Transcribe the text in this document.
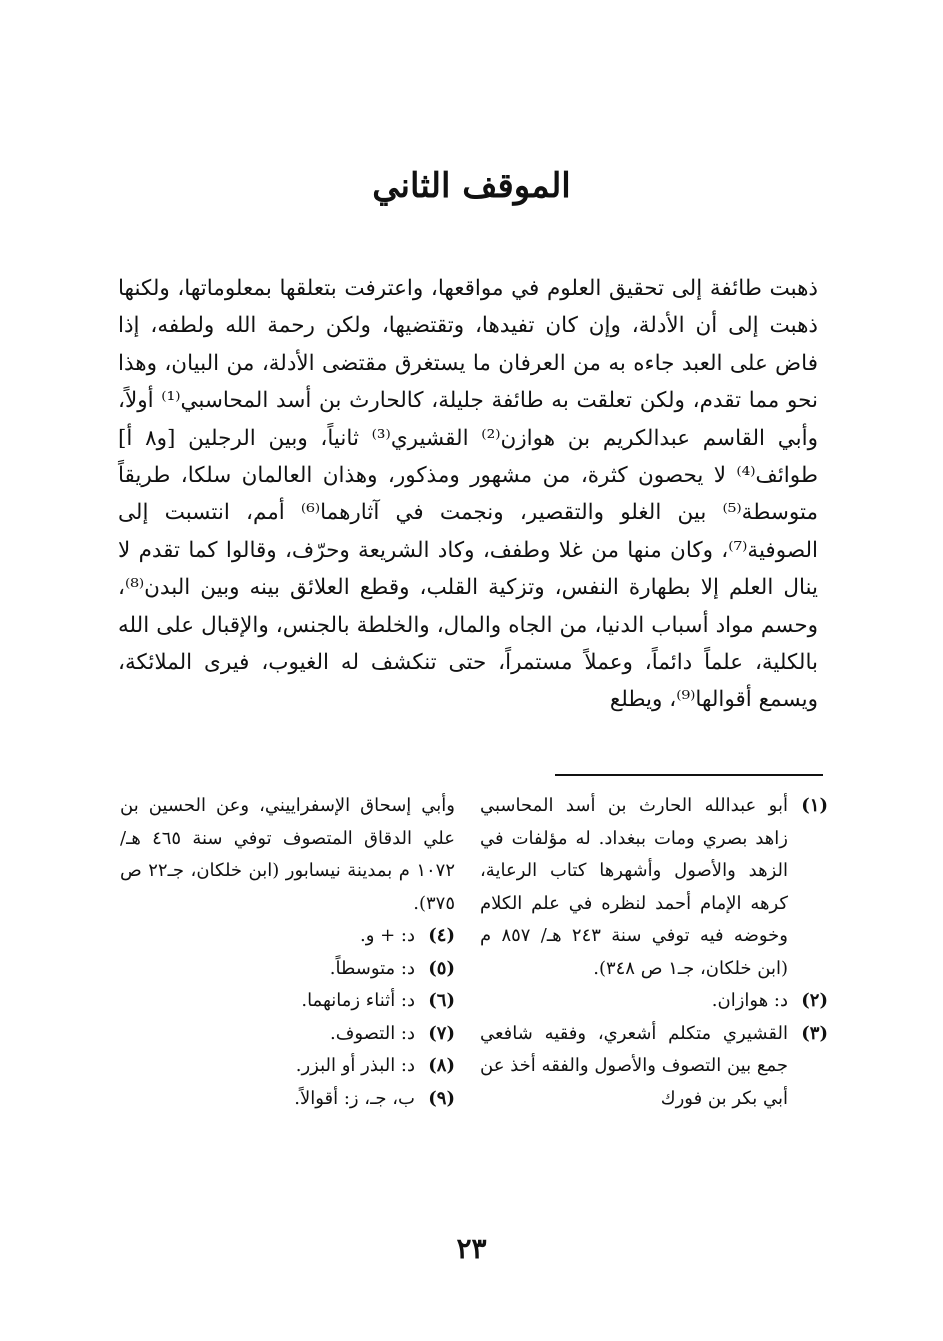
الموقف الثاني

ذهبت طائفة إلى تحقيق العلوم في مواقعها، واعترفت بتعلقها بمعلوماتها، ولكنها ذهبت إلى أن الأدلة، وإن كان تفيدها، وتقتضيها، ولكن رحمة الله ولطفه، إذا فاض على العبد جاءه به من العرفان ما يستغرق مقتضى الأدلة، من البيان، وهذا نحو مما تقدم، ولكن تعلقت به طائفة جليلة، كالحارث بن أسد المحاسبي⁽¹⁾ أولاً، وأبي القاسم عبدالكريم بن هوازن⁽²⁾ القشيري⁽³⁾ ثانياً، وبين الرجلين [و٨ أ] طوائف⁽⁴⁾ لا يحصون كثرة، من مشهور ومذكور، وهذان العالمان سلكا، طريقاً متوسطة⁽⁵⁾ بين الغلو والتقصير، ونجمت في آثارهما⁽⁶⁾ أمم، انتسبت إلى الصوفية⁽⁷⁾، وكان منها من غلا وطفف، وكاد الشريعة وحرّف، وقالوا كما تقدم لا ينال العلم إلا بطهارة النفس، وتزكية القلب، وقطع العلائق بينه وبين البدن⁽⁸⁾، وحسم مواد أسباب الدنيا، من الجاه والمال، والخلطة بالجنس، والإقبال على الله بالكلية، علماً دائماً، وعملاً مستمراً، حتى تنكشف له الغيوب، فيرى الملائكة، ويسمع أقوالها⁽⁹⁾، ويطلع

(١)
أبو عبدالله الحارث بن أسد المحاسبي زاهد بصري ومات ببغداد. له مؤلفات في الزهد والأصول وأشهرها كتاب الرعاية، كرهه الإمام أحمد لنظره في علم الكلام وخوضه فيه توفي سنة ٢٤٣ هـ/ ٨٥٧ م (ابن خلكان، جـ١ ص ٣٤٨).
(٢)
د: هوازان.
(٣)
القشيري متكلم أشعري، وفقيه شافعي جمع بين التصوف والأصول والفقه أخذ عن أبي بكر بن فورك
وأبي إسحاق الإسفراييني، وعن الحسين بن علي الدقاق المتصوف توفي سنة ٤٦٥ هـ/ ١٠٧٢ م بمدينة نيسابور (ابن خلكان، جـ٢٢ ص ٣٧٥).
(٤)
د: + و.
(٥)
د: متوسطاً.
(٦)
د: أثناء زمانهما.
(٧)
د: التصوف.
(٨)
د: البذر أو البزر.
(٩)
ب، جـ، ز: أقوالاً.
٢٣
